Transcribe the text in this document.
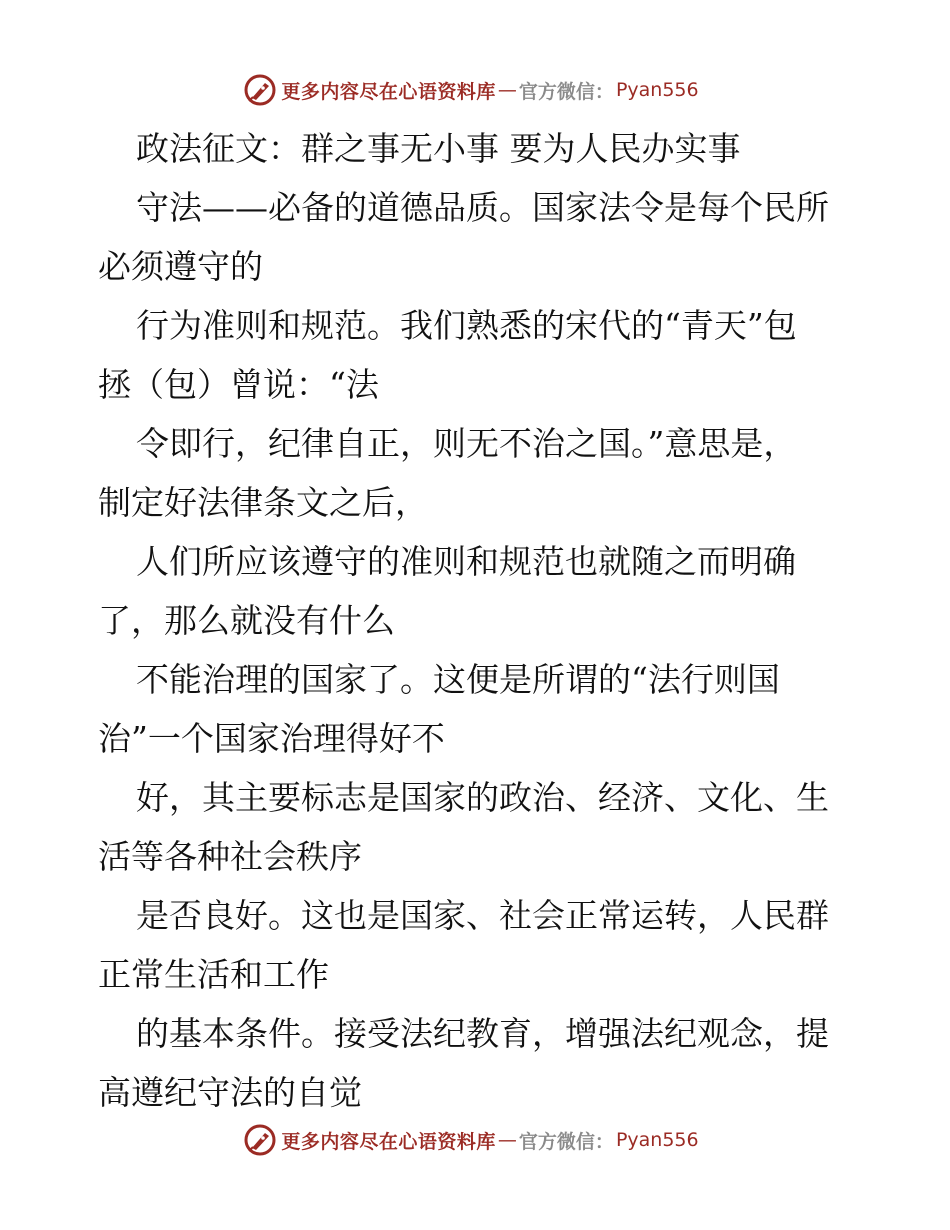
更多内容尽在心语资料库 — 官方微信： Pyan556

政法征文：群之事无小事 要为人民办实事

守法——必备的道德品质。国家法令是每个民所

必须遵守的

行为准则和规范。我们熟悉的宋代的“青天”包

拯（包）曾说：“法

令即行，纪律自正，则无不治之国。”意思是，

制定好法律条文之后，

人们所应该遵守的准则和规范也就随之而明确

了，那么就没有什么

不能治理的国家了。这便是所谓的“法行则国

治”一个国家治理得好不

好，其主要标志是国家的政治、经济、文化、生

活等各种社会秩序

是否良好。这也是国家、社会正常运转，人民群

正常生活和工作

的基本条件。接受法纪教育，增强法纪观念，提

高遵纪守法的自觉

更多内容尽在心语资料库 — 官方微信： Pyan556
